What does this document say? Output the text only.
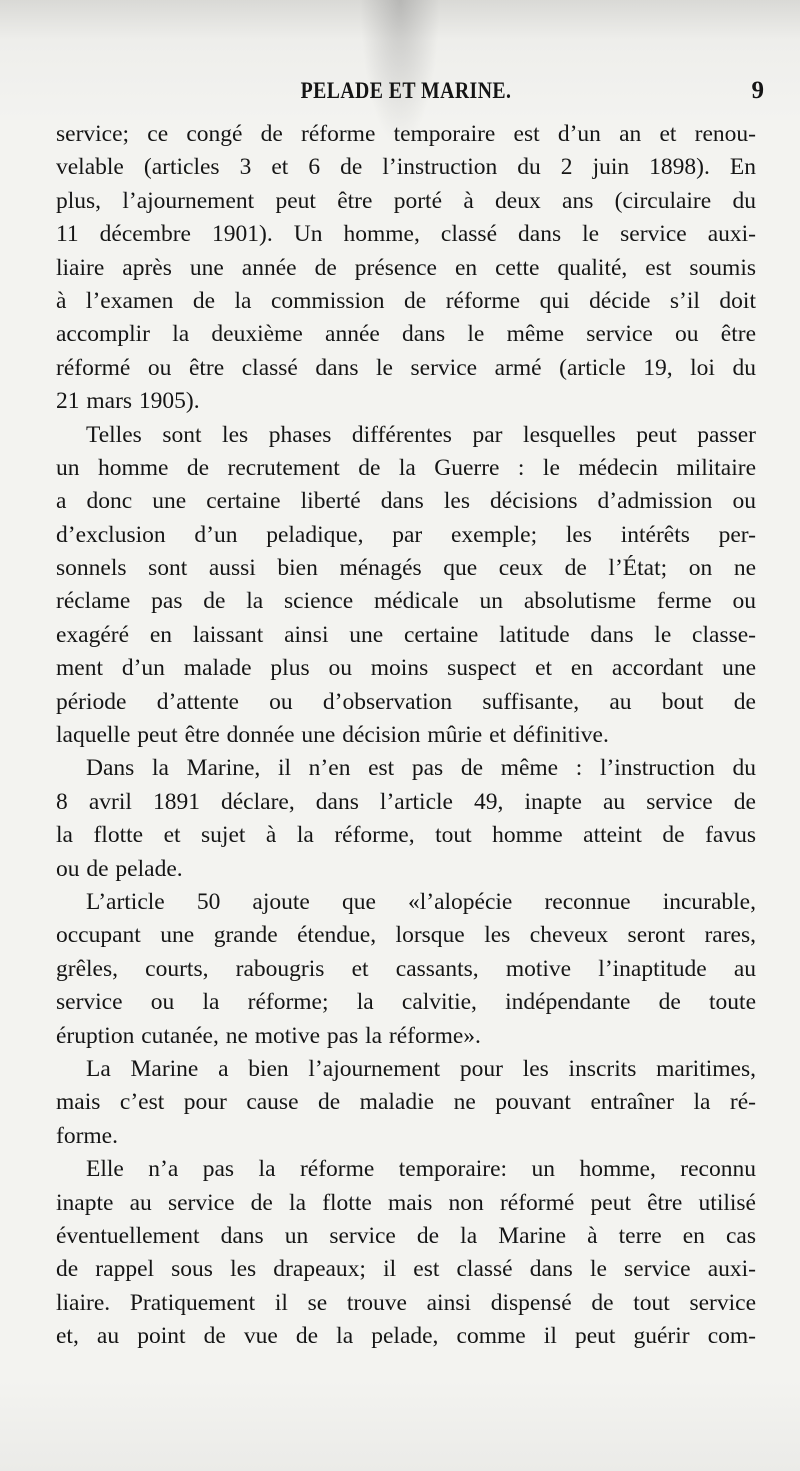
PELADE ET MARINE.	9
service; ce congé de réforme temporaire est d’un an et renou-
velable (articles 3 et 6 de l’instruction du 2 juin 1898). En
plus, l’ajournement peut être porté à deux ans (circulaire du
11 décembre 1901). Un homme, classé dans le service auxi-
liaire après une année de présence en cette qualité, est soumis
à l’examen de la commission de réforme qui décide s’il doit
accomplir la deuxième année dans le même service ou être
réformé ou être classé dans le service armé (article 19, loi du
21 mars 1905).
Telles sont les phases différentes par lesquelles peut passer
un homme de recrutement de la Guerre : le médecin militaire
a donc une certaine liberté dans les décisions d’admission ou
d’exclusion d’un peladique, par exemple; les intérêts per-
sonnels sont aussi bien ménagés que ceux de l’État; on ne
réclame pas de la science médicale un absolutisme ferme ou
exagéré en laissant ainsi une certaine latitude dans le classe-
ment d’un malade plus ou moins suspect et en accordant une
période d’attente ou d’observation suffisante, au bout de
laquelle peut être donnée une décision mûrie et définitive.
Dans la Marine, il n’en est pas de même : l’instruction du
8 avril 1891 déclare, dans l’article 49, inapte au service de
la flotte et sujet à la réforme, tout homme atteint de favus
ou de pelade.
L’article 50 ajoute que «l’alopécie reconnue incurable,
occupant une grande étendue, lorsque les cheveux seront rares,
grêles, courts, rabougris et cassants, motive l’inaptitude au
service ou la réforme; la calvitie, indépendante de toute
éruption cutanée, ne motive pas la réforme».
La Marine a bien l’ajournement pour les inscrits maritimes,
mais c’est pour cause de maladie ne pouvant entraîner la ré-
forme.
Elle n’a pas la réforme temporaire: un homme, reconnu
inapte au service de la flotte mais non réformé peut être utilisé
éventuellement dans un service de la Marine à terre en cas
de rappel sous les drapeaux; il est classé dans le service auxi-
liaire. Pratiquement il se trouve ainsi dispensé de tout service
et, au point de vue de la pelade, comme il peut guérir com-
